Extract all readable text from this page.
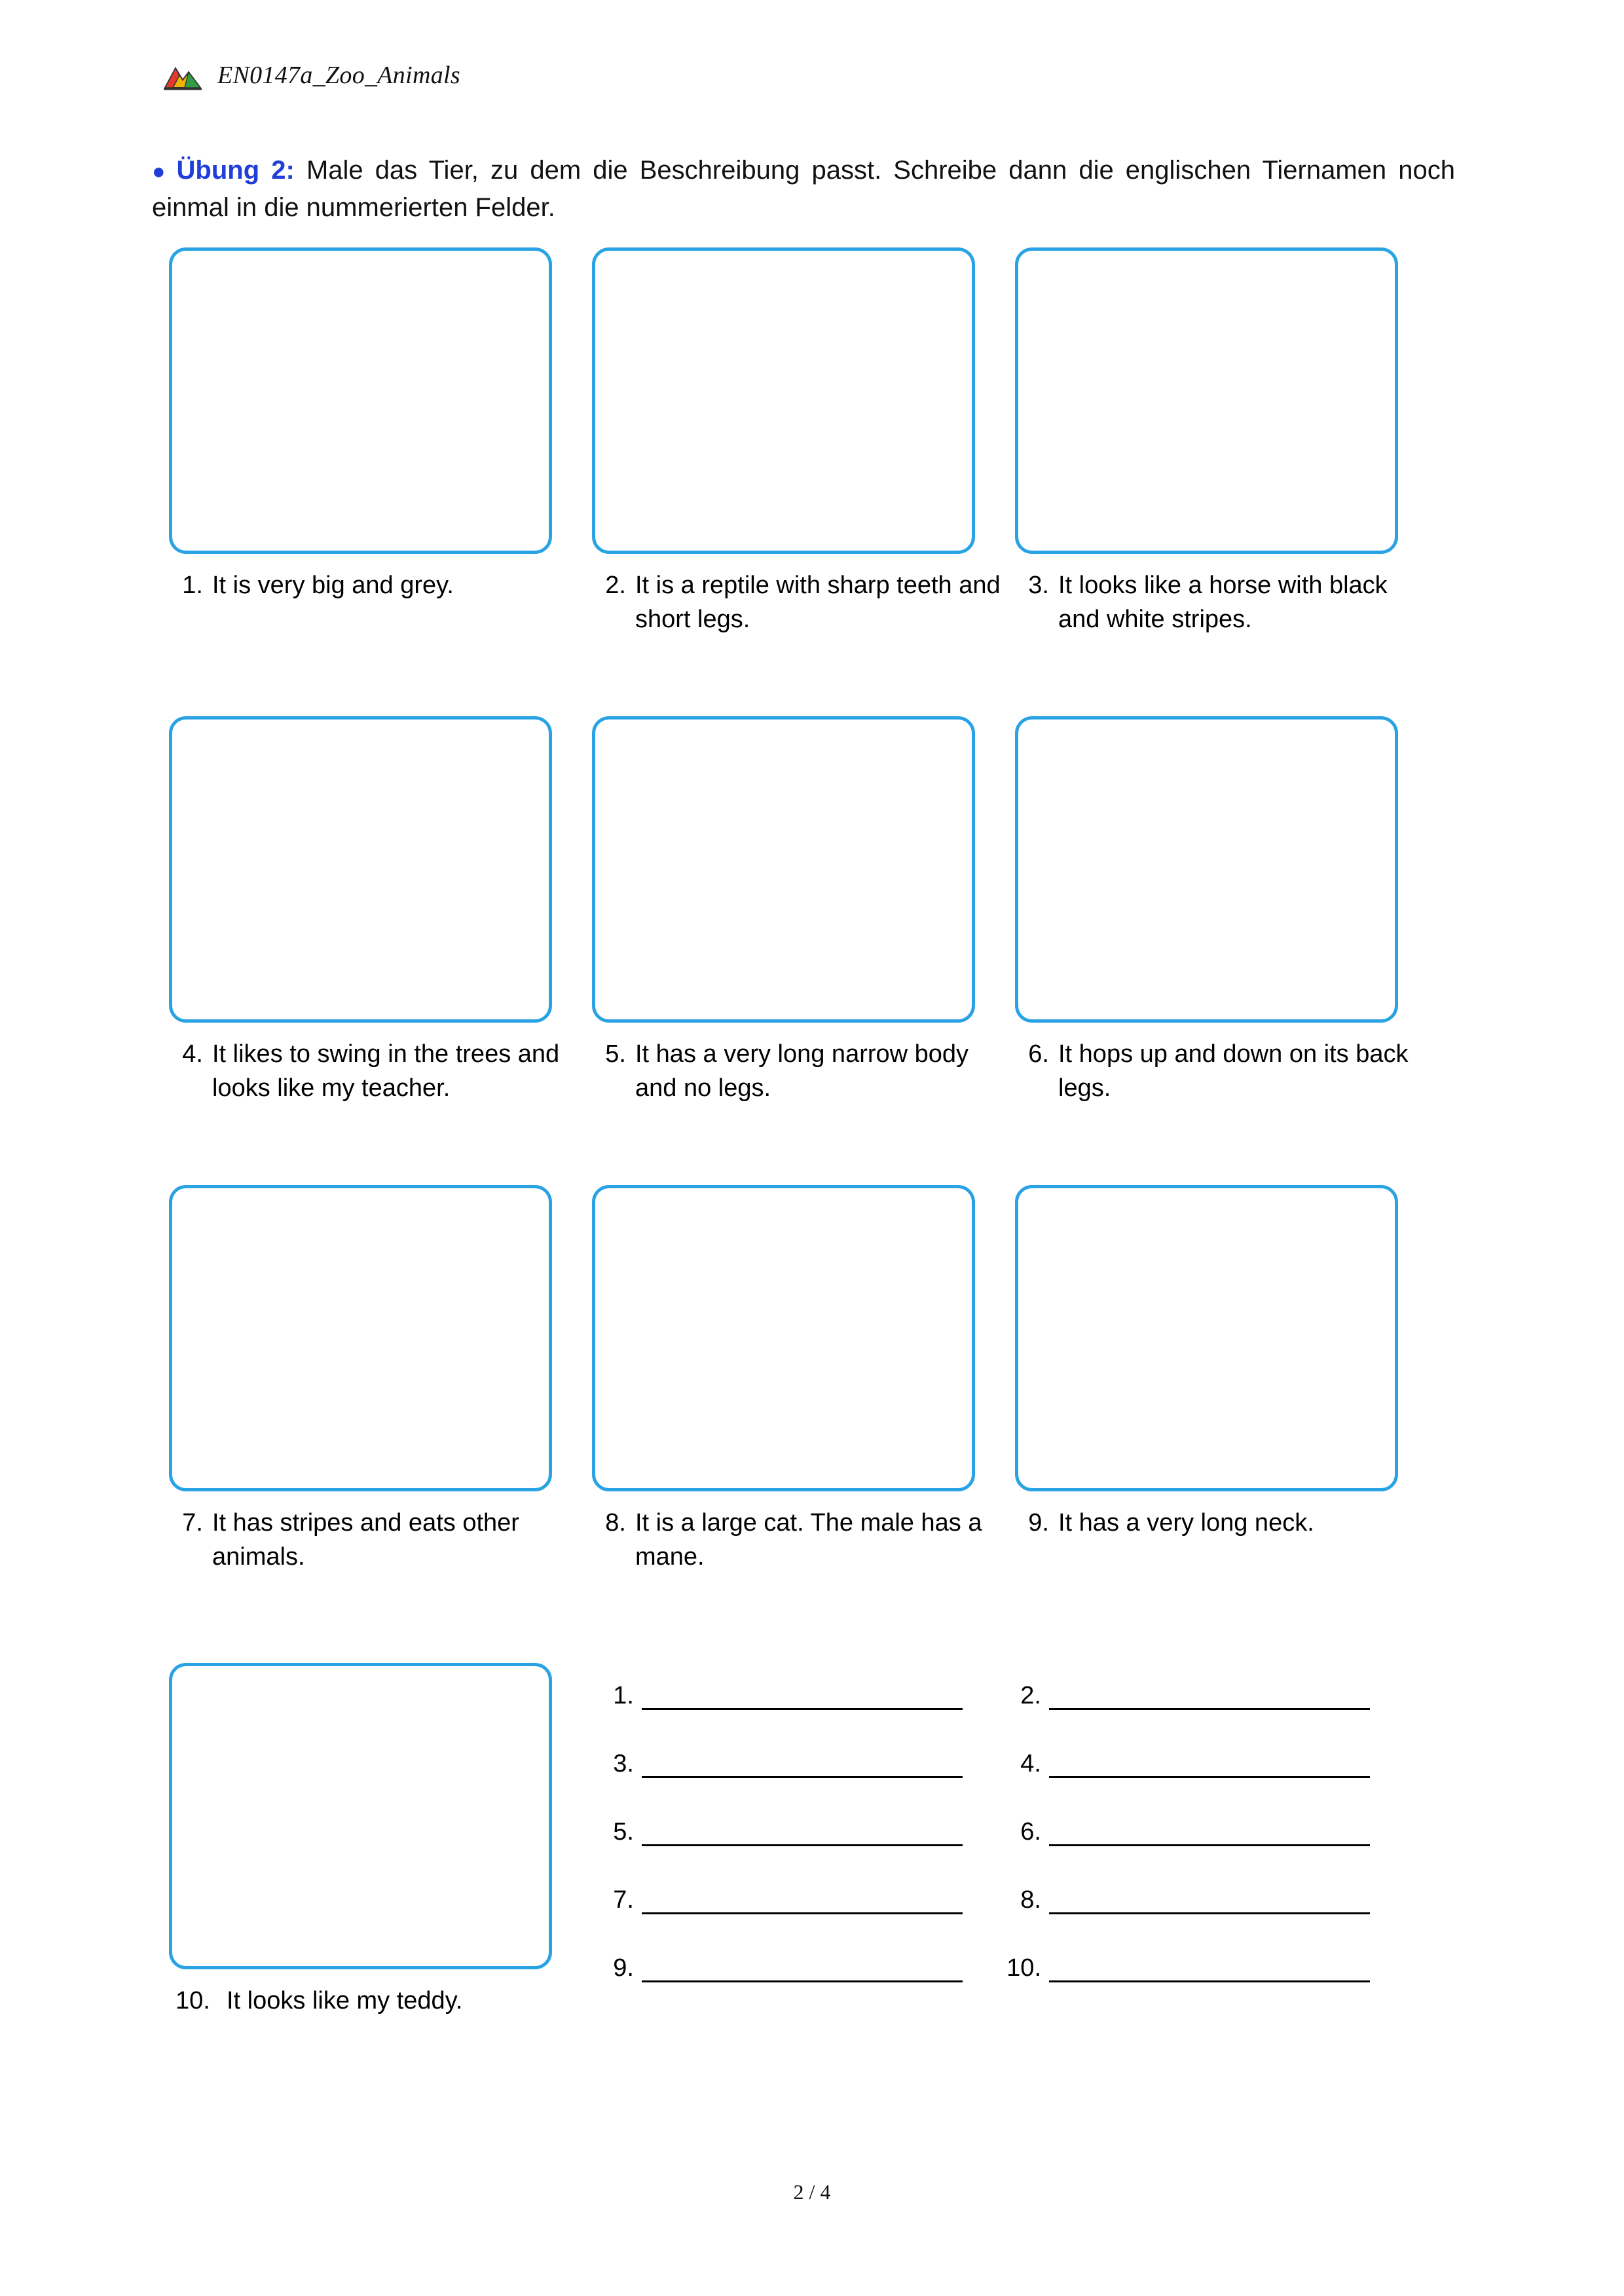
EN0147a_Zoo_Animals
● Übung 2: Male das Tier, zu dem die Beschreibung passt. Schreibe dann die englischen Tiernamen noch einmal in die nummerierten Felder.
1. It is very big and grey.	2. It is a reptile with sharp teeth and short legs.
3. It looks like a horse with black and white stripes.
4. It likes to swing in the trees and looks like my teacher.
5. It has a very long narrow body and no legs.
6. It hops up and down on its back legs.
7. It has stripes and eats other animals.
8. It is a large cat. The male has a mane.
9. It has a very long neck.
10. It looks like my teddy.
1.	2.
3.	4.
5.	6.
7.	8.
9.	10.
2 / 4
